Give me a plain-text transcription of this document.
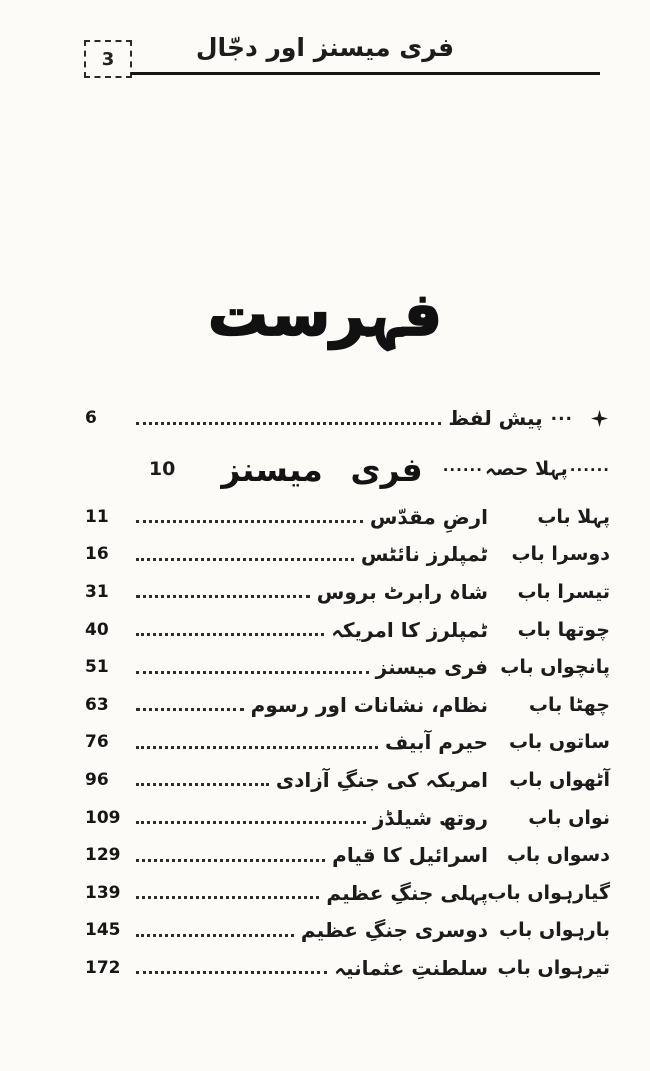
3	فری میسنز اور دجّال
فہرست
...
پیش لفظ
6
......
پہلا حصہ
......
فری میسنز
10
پہلا باب
ارضِ مقدّس
11
دوسرا باب
ٹمپلرز نائٹس
16
تیسرا باب
شاہ رابرٹ بروس
31
چوتھا باب
ٹمپلرز کا امریکہ
40
پانچواں باب
فری میسنز
51
چھٹا باب
نظام، نشانات اور رسوم
63
ساتوں باب
حیرم آبیف
76
آٹھواں باب
امریکہ کی جنگِ آزادی
96
نواں باب
روتھ شیلڈز
109
دسواں باب
اسرائیل کا قیام
129
گیارہواں باب
پہلی جنگِ عظیم
139
بارہواں باب
دوسری جنگِ عظیم
145
تیرہواں باب
سلطنتِ عثمانیہ
172
